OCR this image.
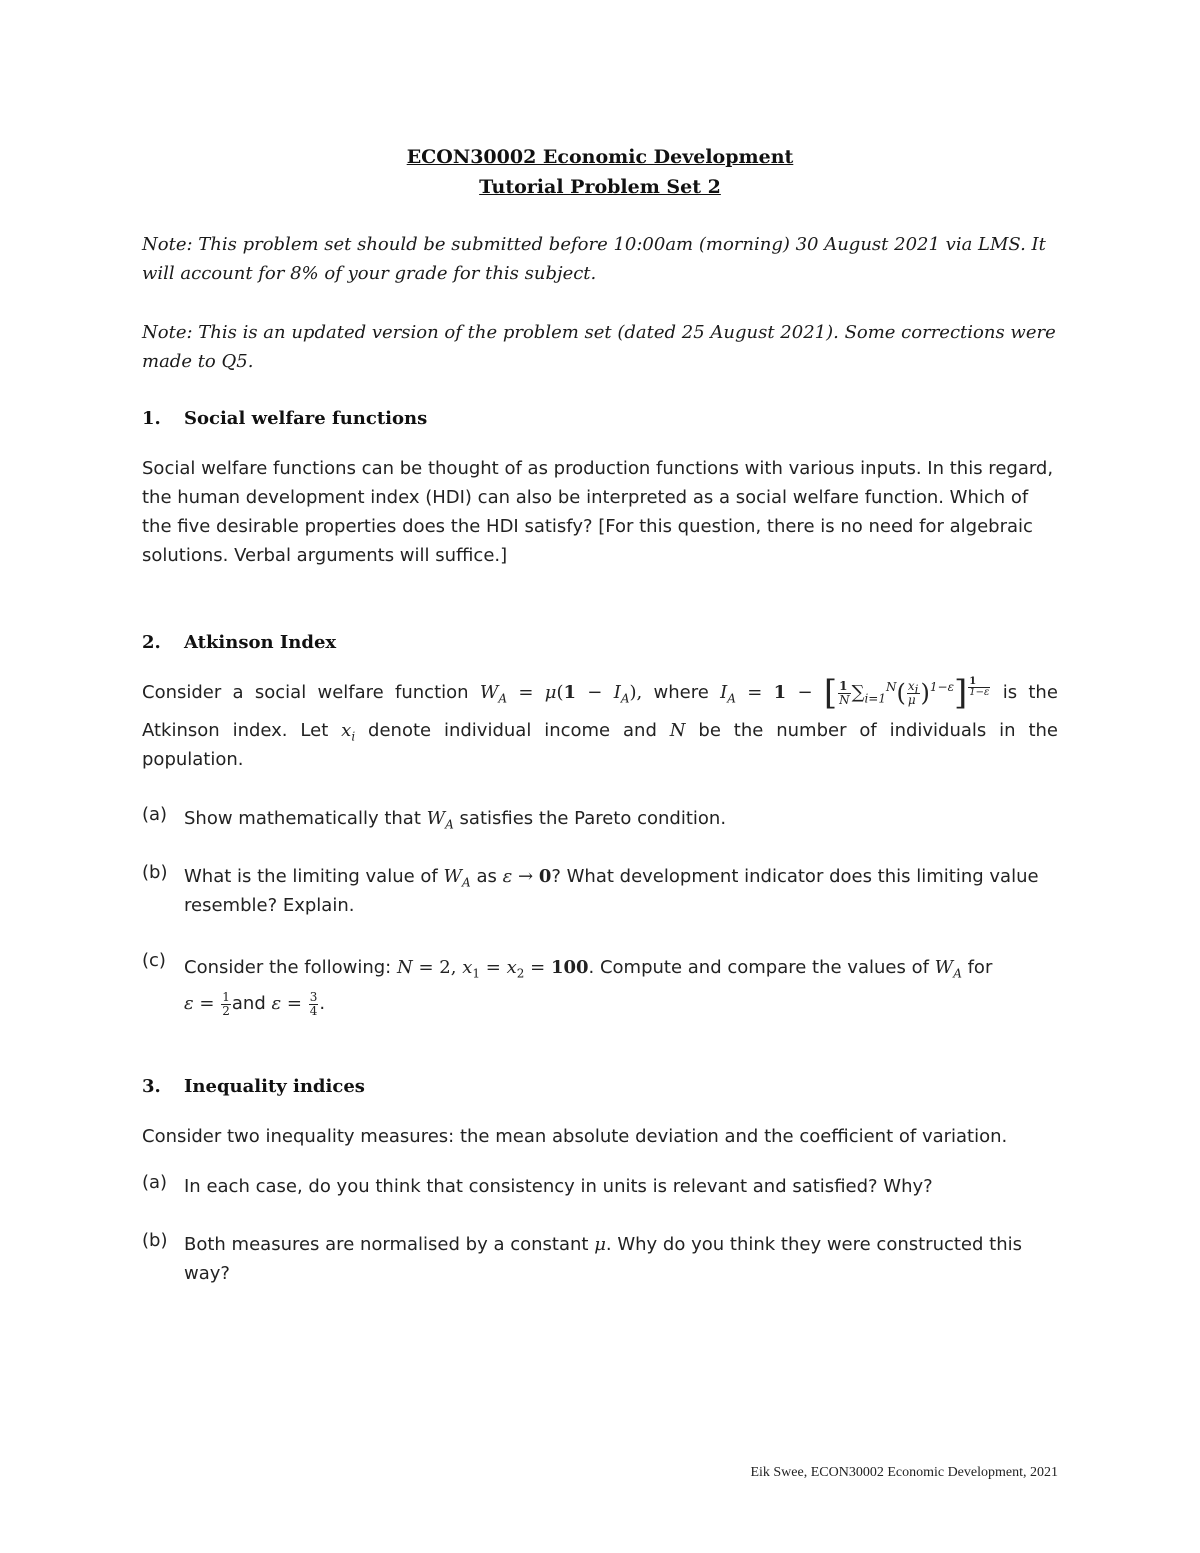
ECON30002 Economic Development

Tutorial Problem Set 2

Note: This problem set should be submitted before 10:00am (morning) 30 August 2021 via LMS. It will account for 8% of your grade for this subject.

Note: This is an updated version of the problem set (dated 25 August 2021). Some corrections were made to Q5.

1. Social welfare functions

Social welfare functions can be thought of as production functions with various inputs. In this regard, the human development index (HDI) can also be interpreted as a social welfare function. Which of the five desirable properties does the HDI satisfy? [For this question, there is no need for algebraic solutions. Verbal arguments will suffice.]

2. Atkinson Index

Consider a social welfare function $W_A = \mu(1 - I_A)$, where $I_A = 1$ − [ $\frac{1}{N} \sum_{i=1}^N( \frac{x_i}{\mu} )^{1-\varepsilon}$] $^{\frac{1}{1-\varepsilon}}$ is the
Atkinson index. Let $x_i$ denote individual income and N be the number of individuals in the

population.

(a) Show mathematically that $W_A$ satisfies the Pareto condition.

(b) What is the limiting value of $W_A$ as ε → 0? What development indicator does this limiting value resemble? Explain.

(c) Consider the following: N = 2, $x_1 = x_2 = 100$. Compute and compare the values of $W_A$ for
$\varepsilon = \frac{1}{2}$ and $\varepsilon = \frac{3}{4}$ .

3. Inequality indices

Consider two inequality measures: the mean absolute deviation and the coefficient of variation.

(a) In each case, do you think that consistency in units is relevant and satisfied? Why?

(b) Both measures are normalised by a constant μ. Why do you think they were constructed this way?

Eik Swee, ECON30002 Economic Development, 2021
